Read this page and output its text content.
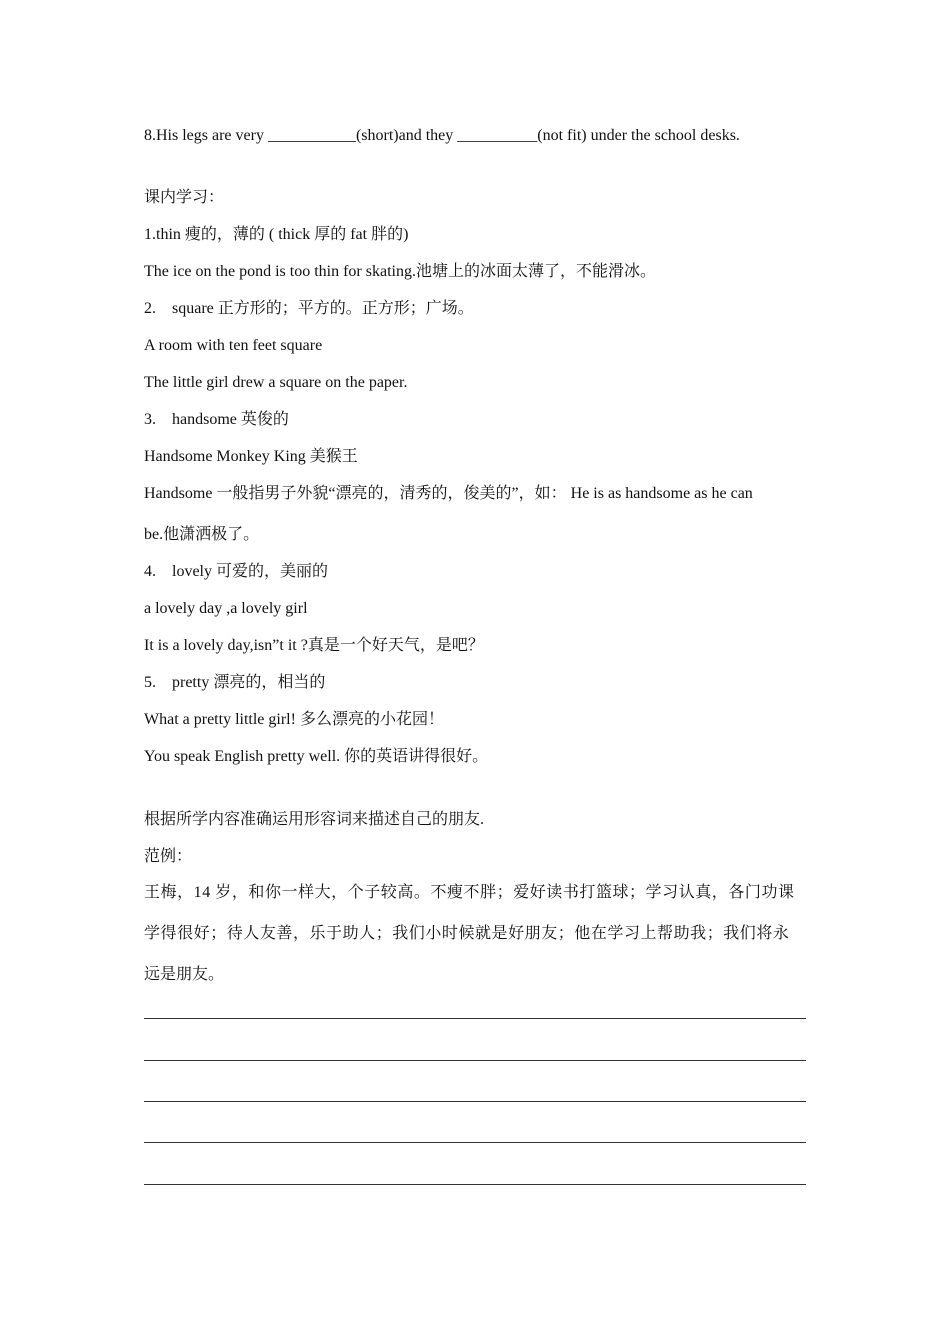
8.His legs are very ___________(short)and they __________(not fit) under the school desks.
课内学习：
1.thin 瘦的，薄的 ( thick 厚的 fat 胖的)
The ice on the pond is too thin for skating.池塘上的冰面太薄了，不能滑冰。
2. square 正方形的；平方的。正方形；广场。
A room with ten feet square
The little girl drew a square on the paper.
3. handsome 英俊的
Handsome Monkey King 美猴王
Handsome 一般指男子外貌“漂亮的，清秀的，俊美的”，如： He is as handsome as he can
be.他潇洒极了。
4. lovely 可爱的，美丽的
a lovely day ,a lovely girl
It is a lovely day,isn”t it ?真是一个好天气，是吧？
5. pretty 漂亮的，相当的
What a pretty little girl! 多么漂亮的小花园！
You speak English pretty well. 你的英语讲得很好。
根据所学内容准确运用形容词来描述自己的朋友.
范例：
王梅，14 岁，和你一样大，个子较高。不瘦不胖；爱好读书打篮球；学习认真，各门功课
学得很好；待人友善，乐于助人；我们小时候就是好朋友；他在学习上帮助我；我们将永
远是朋友。
